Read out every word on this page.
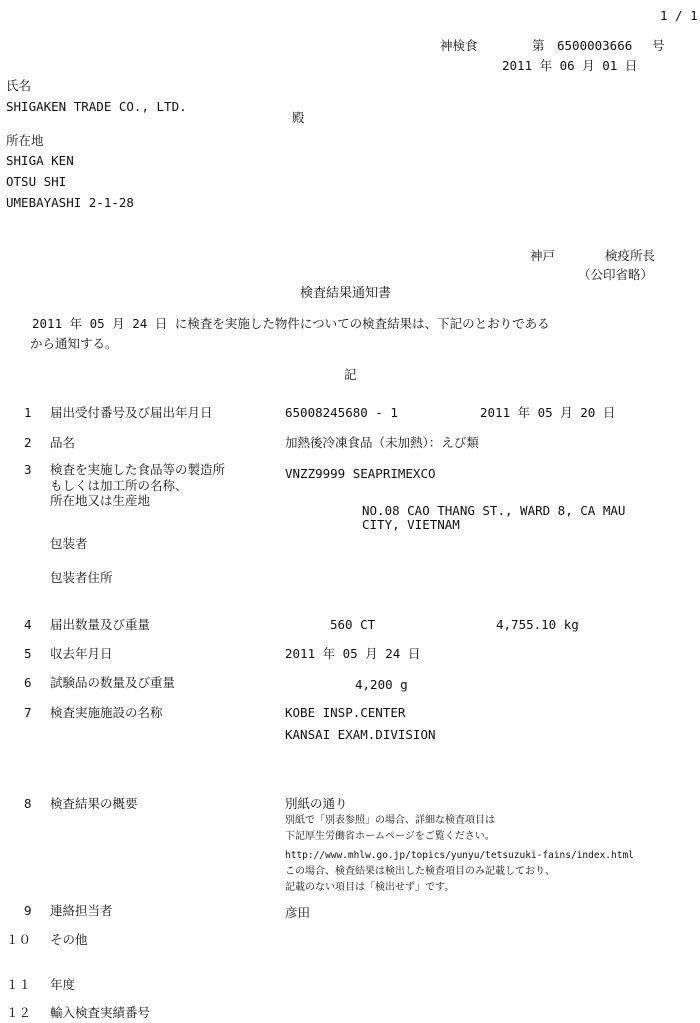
1 / 1
神検食	第 6500003666 号
2011 年 06 月 01 日
氏名
SHIGAKEN TRADE CO., LTD.
殿
所在地
SHIGA KEN
OTSU SHI
UMEBAYASHI 2-1-28
神戸	検疫所長
（公印省略）
検査結果通知書
2011 年 05 月 24 日 に検査を実施した物件についての検査結果は、下記のとおりである
から通知する。
記
1 届出受付番号及び届出年月日	65008245680 - 1	2011 年 05 月 20 日
2 品名	加熱後冷凍食品（未加熱）：えび類
3 検査を実施した食品等の製造所
もしくは加工所の名称、
所在地又は生産地
VNZZ9999 SEAPRIMEXCO
NO.08 CAO THANG ST., WARD 8, CA MAU
CITY, VIETNAM
包装者
包装者住所
4 届出数量及び重量	560 CT	4,755.10 kg
5 収去年月日	2011 年 05 月 24 日
6 試験品の数量及び重量	4,200 g
7 検査実施施設の名称	KOBE INSP.CENTER
KANSAI EXAM.DIVISION
8 検査結果の概要	別紙の通り
別紙で「別表参照」の場合、詳細な検査項目は
下記厚生労働省ホームページをご覧ください。
http://www.mhlw.go.jp/topics/yunyu/tetsuzuki-fains/index.html
この場合、検査結果は検出した検査項目のみ記載しており、
記載のない項目は「検出せず」です。
9 連絡担当者	彦田
１０ その他
１１ 年度
１２ 輸入検査実績番号
